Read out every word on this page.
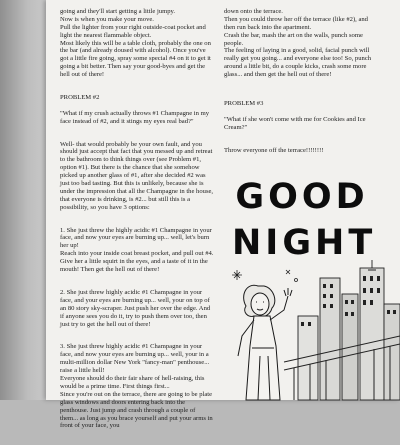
going and they'll start getting a little jumpy.
Now is when you make your move.
Pull the lighter from your right outside-coat pocket and light the nearest flammable object.
Most likely this will be a table cloth, probably the one on the bar (and already doused with alcohol). Once you've got a little fire going, spray some special #4 on it to get it going a bit better. Then say your good-byes and get the hell out of there!

PROBLEM #2

"What if my crush actually throws #1 Champagne in my face instead of #2, and it stings my eyes real bad?"

Well- that would probably be your own fault, and you should just accept that fact that you messed up and retreat to the bathroom to think things over (see Problem #1, option #1). But there is the chance that she somehow picked up another glass of #1, after she decided #2 was just too bad tasting. But this is unlikely, because she is under the impression that all the Champagne in the house, that everyone is drinking, is #2... but still this is a possibility, so you have 3 options:

1. She just threw the highly acidic #1 Champagne in your face, and now your eyes are burning up... well, let's burn her up!
Reach into your inside coat breast pocket, and pull out #4. Give her a little squirt in the eyes, and a taste of it in the mouth! Then get the hell out of there!

2. She just threw highly acidic #1 Champagne in your face, and your eyes are burning up... well, your on top of an 80 story sky-scraper. Just push her over the edge. And if anyone sees you do it, try to push them over too, then just try to get the hell out of there!

3. She just threw highly acidic #1 Champagne in your face, and now your eyes are burning up... well, your in a multi-million dollar New York "fancy-man" penthouse... raise a little hell!
Everyone should do their fair share of hell-raising, this would be a prime time. First things first...
Since you're out on the terrace, there are going to be plate glass windows and doors entering back into the penthouse. Just jump and crash through a couple of them... as long as you brace yourself and put your arms in front of your face, you

down onto the terrace.
Then you could throw her off the terrace (like #2), and then run back into the apartment.
Crash the bar, mash the art on the walls, punch some people.
The feeling of laying in a good, solid, facial punch will really get you going... and everyone else too! So, punch around a little bit, do a couple kicks, crash some more glass... and then get the hell out of there!

PROBLEM #3

"What if she won't come with me for Cookies and Ice Cream?"

Throw everyone off the terrace!!!!!!!!

GOOD
NIGHT
